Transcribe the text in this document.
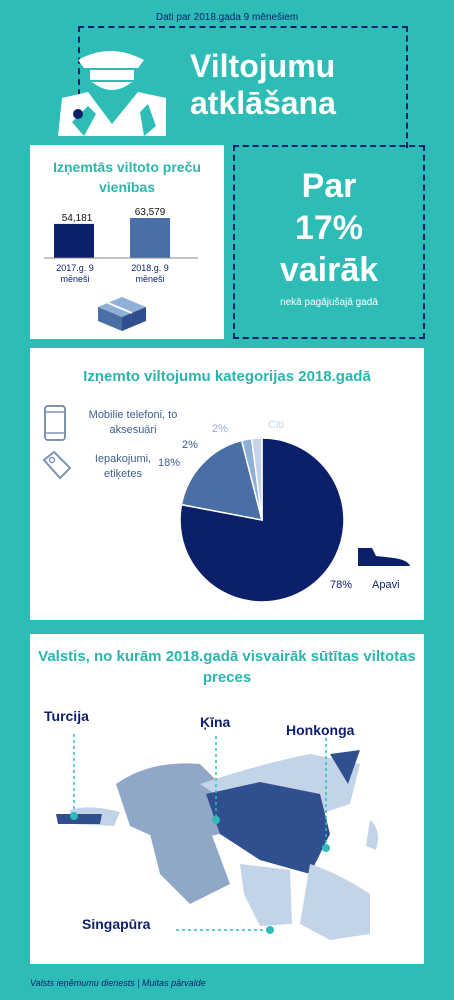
Dati par 2018.gada 9 mēnešiem
Viltojumu
atklāšana
Izņemtās viltoto preču vienības
54,181
63,579
2017.g. 9 mēneši
2018.g. 9 mēneši
Par
17%
vairāk
nekā pagājušajā gadā
Izņemto viltojumu kategorijas 2018.gadā
Mobilie telefoni, to aksesuāri
Iepakojumi, etiķetes
Citi
2%
2%
18%
78% Apavi
Valstis, no kurām 2018.gadā visvairāk sūtītas viltotas preces
Turcija	Ķīna	Honkonga
Singapūra
Valsts ieņēmumu dienests | Muitas pārvalde
